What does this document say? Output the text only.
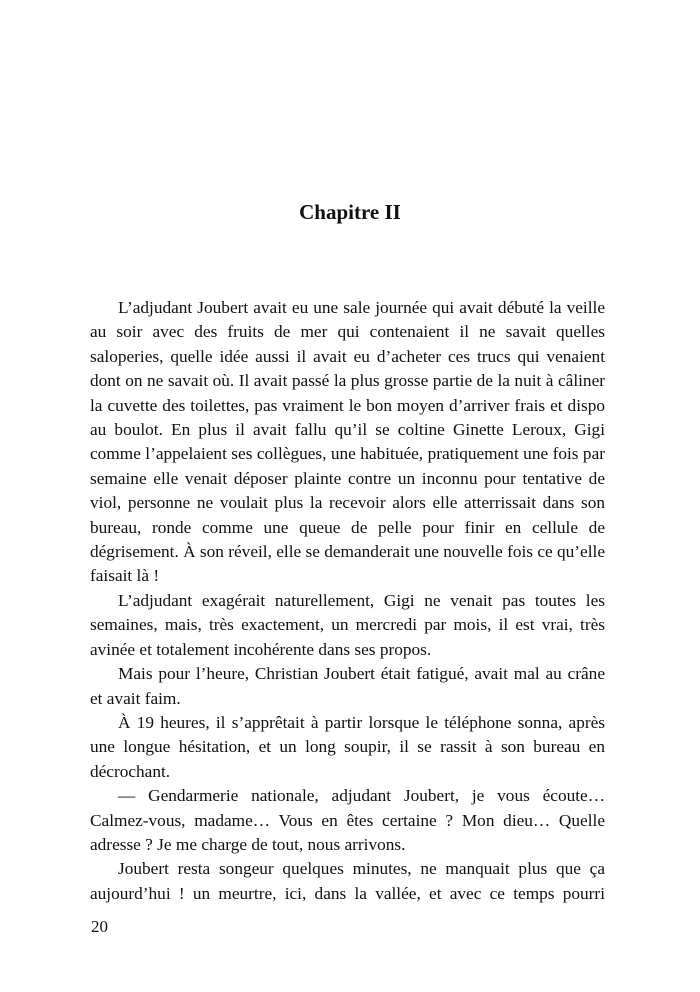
Chapitre II

L’adjudant Joubert avait eu une sale journée qui avait débuté la veille au soir avec des fruits de mer qui contenaient il ne savait quelles saloperies, quelle idée aussi il avait eu d’acheter ces trucs qui venaient dont on ne savait où. Il avait passé la plus grosse partie de la nuit à câliner la cuvette des toilettes, pas vraiment le bon moyen d’arriver frais et dispo au boulot. En plus il avait fallu qu’il se coltine Ginette Leroux, Gigi comme l’appelaient ses collègues, une habituée, pratiquement une fois par semaine elle venait déposer plainte contre un inconnu pour tentative de viol, personne ne voulait plus la recevoir alors elle atterrissait dans son bureau, ronde comme une queue de pelle pour finir en cellule de dégrisement. À son réveil, elle se demanderait une nouvelle fois ce qu’elle faisait là !

L’adjudant exagérait naturellement, Gigi ne venait pas toutes les semaines, mais, très exactement, un mercredi par mois, il est vrai, très avinée et totalement incohérente dans ses propos.

Mais pour l’heure, Christian Joubert était fatigué, avait mal au crâne et avait faim.

À 19 heures, il s’apprêtait à partir lorsque le téléphone sonna, après une longue hésitation, et un long soupir, il se rassit à son bureau en décrochant.

— Gendarmerie nationale, adjudant Joubert, je vous écoute… Calmez-vous, madame… Vous en êtes certaine ? Mon dieu… Quelle adresse ? Je me charge de tout, nous arrivons.

Joubert resta songeur quelques minutes, ne manquait plus que ça aujourd’hui ! un meurtre, ici, dans la vallée, et avec ce temps pourri

20
